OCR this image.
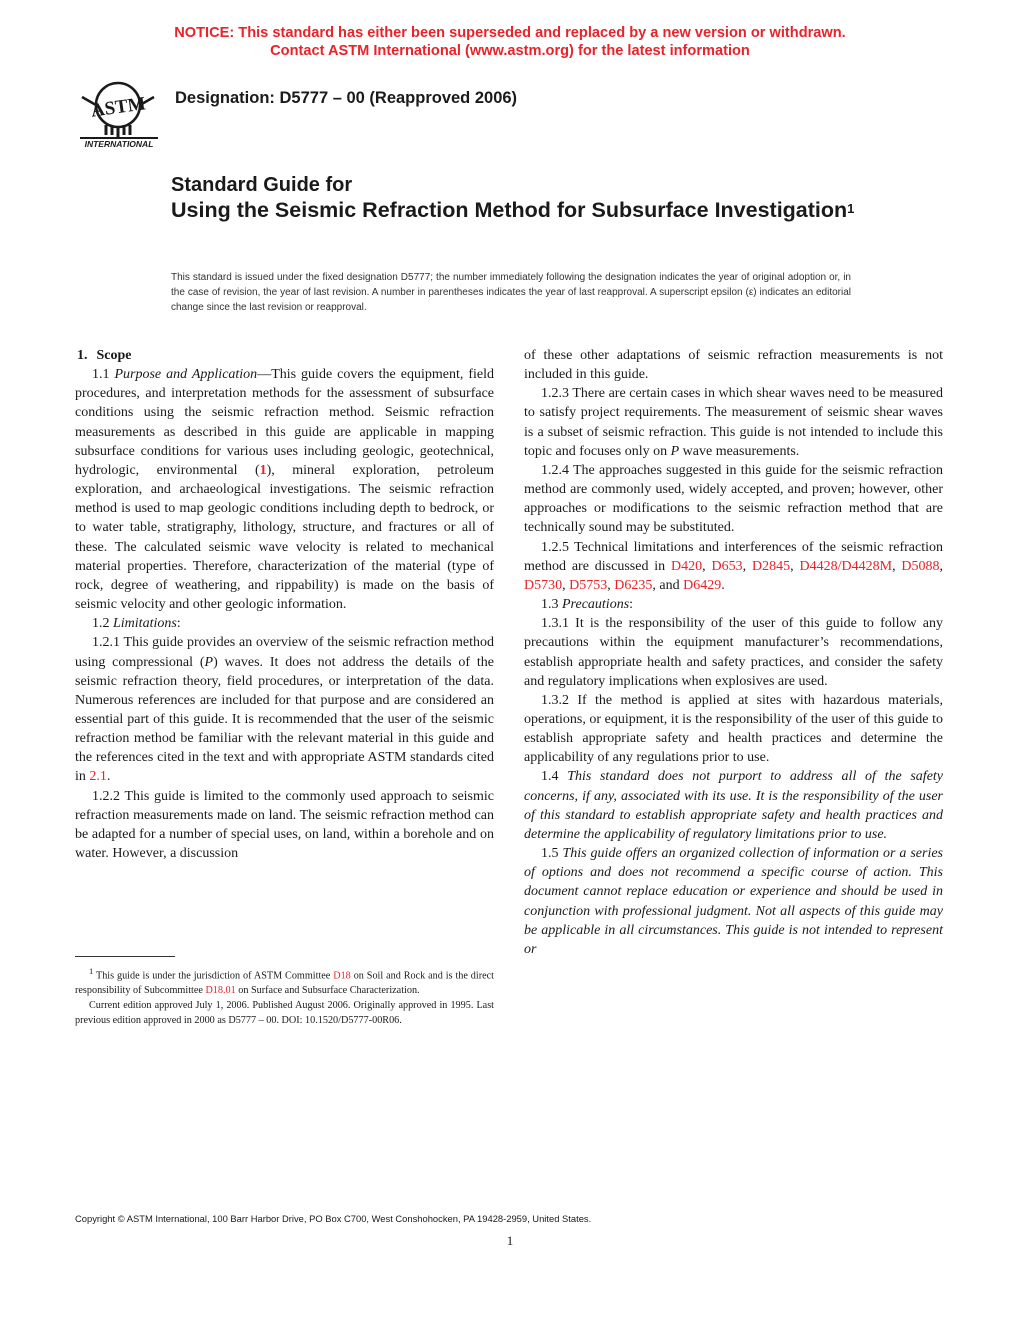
NOTICE: This standard has either been superseded and replaced by a new version or withdrawn.
Contact ASTM International (www.astm.org) for the latest information
ASTM
INTERNATIONAL
Designation: D5777 – 00 (Reapproved 2006)
Standard Guide for
Using the Seismic Refraction Method for Subsurface Investigation$^1$
This standard is issued under the fixed designation D5777; the number immediately following the designation indicates the year of original adoption or, in the case of revision, the year of last revision. A number in parentheses indicates the year of last reapproval. A superscript epsilon (ε) indicates an editorial change since the last revision or reapproval.

1. Scope

1.1 Purpose and Application—This guide covers the equipment, field procedures, and interpretation methods for the assessment of subsurface conditions using the seismic refraction method. Seismic refraction measurements as described in this guide are applicable in mapping subsurface conditions for various uses including geologic, geotechnical, hydrologic, environmental (1), mineral exploration, petroleum exploration, and archaeological investigations. The seismic refraction method is used to map geologic conditions including depth to bedrock, or to water table, stratigraphy, lithology, structure, and fractures or all of these. The calculated seismic wave velocity is related to mechanical material properties. Therefore, characterization of the material (type of rock, degree of weathering, and rippability) is made on the basis of seismic velocity and other geologic information.

1.2 Limitations:

1.2.1 This guide provides an overview of the seismic refraction method using compressional (P) waves. It does not address the details of the seismic refraction theory, field procedures, or interpretation of the data. Numerous references are included for that purpose and are considered an essential part of this guide. It is recommended that the user of the seismic refraction method be familiar with the relevant material in this guide and the references cited in the text and with appropriate ASTM standards cited in 2.1.

1.2.2 This guide is limited to the commonly used approach to seismic refraction measurements made on land. The seismic refraction method can be adapted for a number of special uses, on land, within a borehole and on water. However, a discussion

of these other adaptations of seismic refraction measurements is not included in this guide.

1.2.3 There are certain cases in which shear waves need to be measured to satisfy project requirements. The measurement of seismic shear waves is a subset of seismic refraction. This guide is not intended to include this topic and focuses only on P wave measurements.

1.2.4 The approaches suggested in this guide for the seismic refraction method are commonly used, widely accepted, and proven; however, other approaches or modifications to the seismic refraction method that are technically sound may be substituted.

1.2.5 Technical limitations and interferences of the seismic refraction method are discussed in D420, D653, D2845, D4428/D4428M, D5088, D5730, D5753, D6235, and D6429.

1.3 Precautions:

1.3.1 It is the responsibility of the user of this guide to follow any precautions within the equipment manufacturer’s recommendations, establish appropriate health and safety practices, and consider the safety and regulatory implications when explosives are used.

1.3.2 If the method is applied at sites with hazardous materials, operations, or equipment, it is the responsibility of the user of this guide to establish appropriate safety and health practices and determine the applicability of any regulations prior to use.

1.4 This standard does not purport to address all of the safety concerns, if any, associated with its use. It is the responsibility of the user of this standard to establish appropriate safety and health practices and determine the applicability of regulatory limitations prior to use.

1.5 This guide offers an organized collection of information or a series of options and does not recommend a specific course of action. This document cannot replace education or experience and should be used in conjunction with professional judgment. Not all aspects of this guide may be applicable in all circumstances. This guide is not intended to represent or

$^1$ This guide is under the jurisdiction of ASTM Committee D18 on Soil and Rock and is the direct responsibility of Subcommittee D18.01 on Surface and Subsurface Characterization.

Current edition approved July 1, 2006. Published August 2006. Originally approved in 1995. Last previous edition approved in 2000 as D5777 – 00. DOI: 10.1520/D5777-00R06.

Copyright © ASTM International, 100 Barr Harbor Drive, PO Box C700, West Conshohocken, PA 19428-2959, United States.
1
